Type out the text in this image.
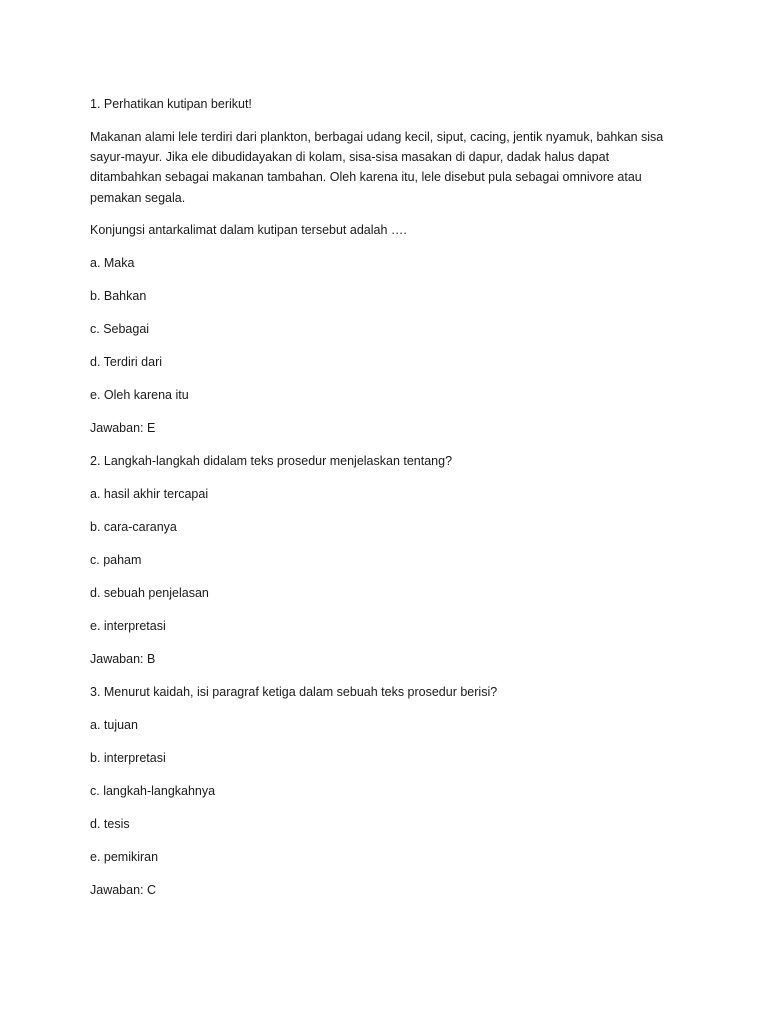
1. Perhatikan kutipan berikut!

Makanan alami lele terdiri dari plankton, berbagai udang kecil, siput, cacing, jentik nyamuk, bahkan sisa
sayur-mayur. Jika ele dibudidayakan di kolam, sisa-sisa masakan di dapur, dadak halus dapat
ditambahkan sebagai makanan tambahan. Oleh karena itu, lele disebut pula sebagai omnivore atau
pemakan segala.

Konjungsi antarkalimat dalam kutipan tersebut adalah ….

a. Maka

b. Bahkan

c. Sebagai

d. Terdiri dari

e. Oleh karena itu

Jawaban: E

2. Langkah-langkah didalam teks prosedur menjelaskan tentang?

a. hasil akhir tercapai

b. cara-caranya

c. paham

d. sebuah penjelasan

e. interpretasi

Jawaban: B

3. Menurut kaidah, isi paragraf ketiga dalam sebuah teks prosedur berisi?

a. tujuan

b. interpretasi

c. langkah-langkahnya

d. tesis

e. pemikiran

Jawaban: C
